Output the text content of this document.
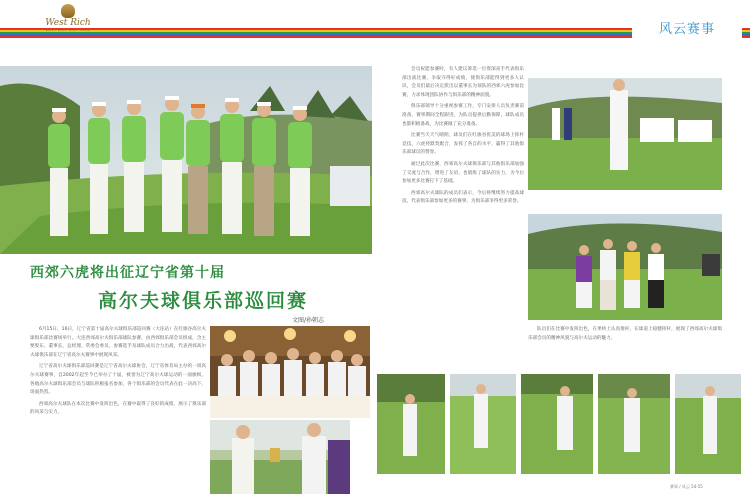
West Rich
WEST RICH GOLF CLUB	风云赛事
西郊六虎将出征辽宁省第十届
高尔夫球俱乐部巡回赛
文图/孙朝志

6月15日、16日，辽宁省第十届高尔夫球俱乐部巡回赛（大连站）在红旗谷高尔夫球俱乐部比赛场举行。大连西郊高尔夫俱乐部球队参赛，由西郊俱乐部会员组成，含主要股东、董事长、总经理、常委会委员，参赛选手及球队成员合力出战，代表西郊高尔夫球俱乐部在辽宁省高尔夫赛事中展现风采。

辽宁省高尔夫球俱乐部巡回赛是辽宁省高尔夫球协会、辽宁省体育局主办的一项高尔夫球赛事，自2002年起至今已举办了十届，被誉为辽宁高尔夫球运动的一面旗帜，各地高尔夫球俱乐部会员与球队积极报名参加，各个俱乐部的会员代表在此一决高下，场面热烈。

西郊高尔夫球队在本次比赛中发挥出色，在赛中取得了良好的成绩，展示了俱乐部的风采与实力。

会员祝愿参赛时，有人建议筹选一位资深高手代表俱乐部出战比赛。争取夺得好成绩，使俱乐部能得到更多人认识，会员们最后决定派出以董事长为领队的西郊六虎参加比赛，力求体现团队协作与俱乐部的精神面貌。

俱乐部领导十分重视参赛工作，专门安排人员负责赛前准备，赛事期间全程跟进，为队员提供后勤保障，球队成员也都积极备战，为比赛做了充分准备。

比赛当天天气晴朗，球员们在红旗谷优美的球场上挥杆竞技，六虎将默契配合，发挥了各自的水平，赢得了其他俱乐部球员的赞誉。

通过此次比赛，西郊高尔夫球俱乐部与其他俱乐部加强了交流与合作，增进了友谊，也锻炼了球队的实力，为今后参加更多比赛打下了基础。

西郊高尔夫球队的成员们表示，今后将继续努力提高球技，代表俱乐部参加更多的赛事，为俱乐部争得更多荣誉。

队员们在比赛中发挥出色，在果岭上认真推杆，在球道上稳健挥杆，展现了西郊高尔夫球俱乐部会员的精神风貌与高尔夫运动的魅力。

赛事 / 风云 54-55
